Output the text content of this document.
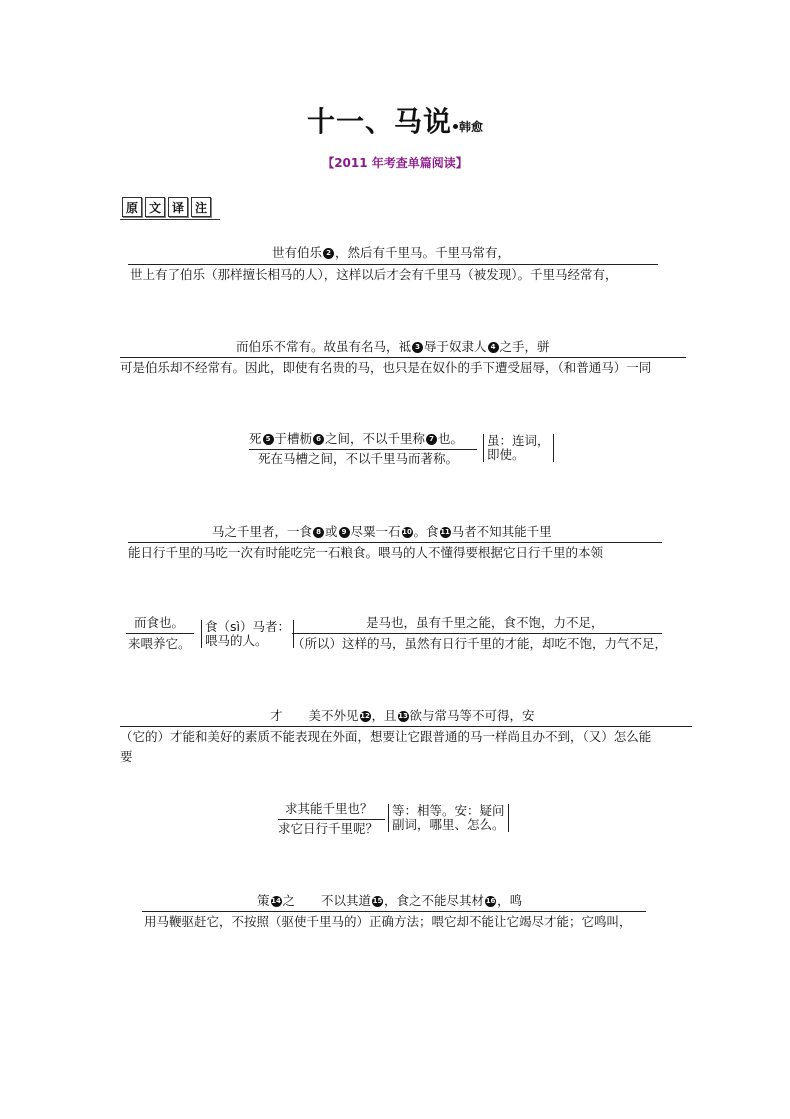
十一、马说 韩愈
【2011 年考查单篇阅读】
原 文 译 注
世有伯乐 2 ，然后有千里马。千里马常有，
世上有了伯乐（那样擅长相马的人），这样以后才会有千里马（被发现）。千里马经常有，
而伯乐不常有。故虽有名马，祗 3 辱于奴隶人 4 之手，骈
可是伯乐却不经常有。因此，即使有名贵的马，也只是在奴仆的手下遭受屈辱，（和普通马）一同
死 5 于槽枥 6 之间，不以千里称 7 也。
死在马槽之间，不以千里马而著称。
虽：连词，
即使。
马之千里者，一食 8 或 9 尽粟一石 10 。食 11 马者不知其能千里
能日行千里的马吃一次有时能吃完一石粮食。喂马的人不懂得要根据它日行千里的本领
而食也。
来喂养它。
食（sì）马者：
喂马的人。
是马也，虽有千里之能，食不饱，力不足，
（所以）这样的马，虽然有日行千里的才能，却吃不饱，力气不足，
才 美不外见 12 ，且 13 欲与常马等不可得，安
（它的）才能和美好的素质不能表现在外面，想要让它跟普通的马一样尚且办不到，（又）怎么能
要
求其能千里也？
求它日行千里呢？
等：相等。安：疑问
副词，哪里、怎么。
策 14 之 不以其道 15 ，食之不能尽其材 16 ，鸣
用马鞭驱赶它，不按照（驱使千里马的）正确方法；喂它却不能让它竭尽才能；它鸣叫，
